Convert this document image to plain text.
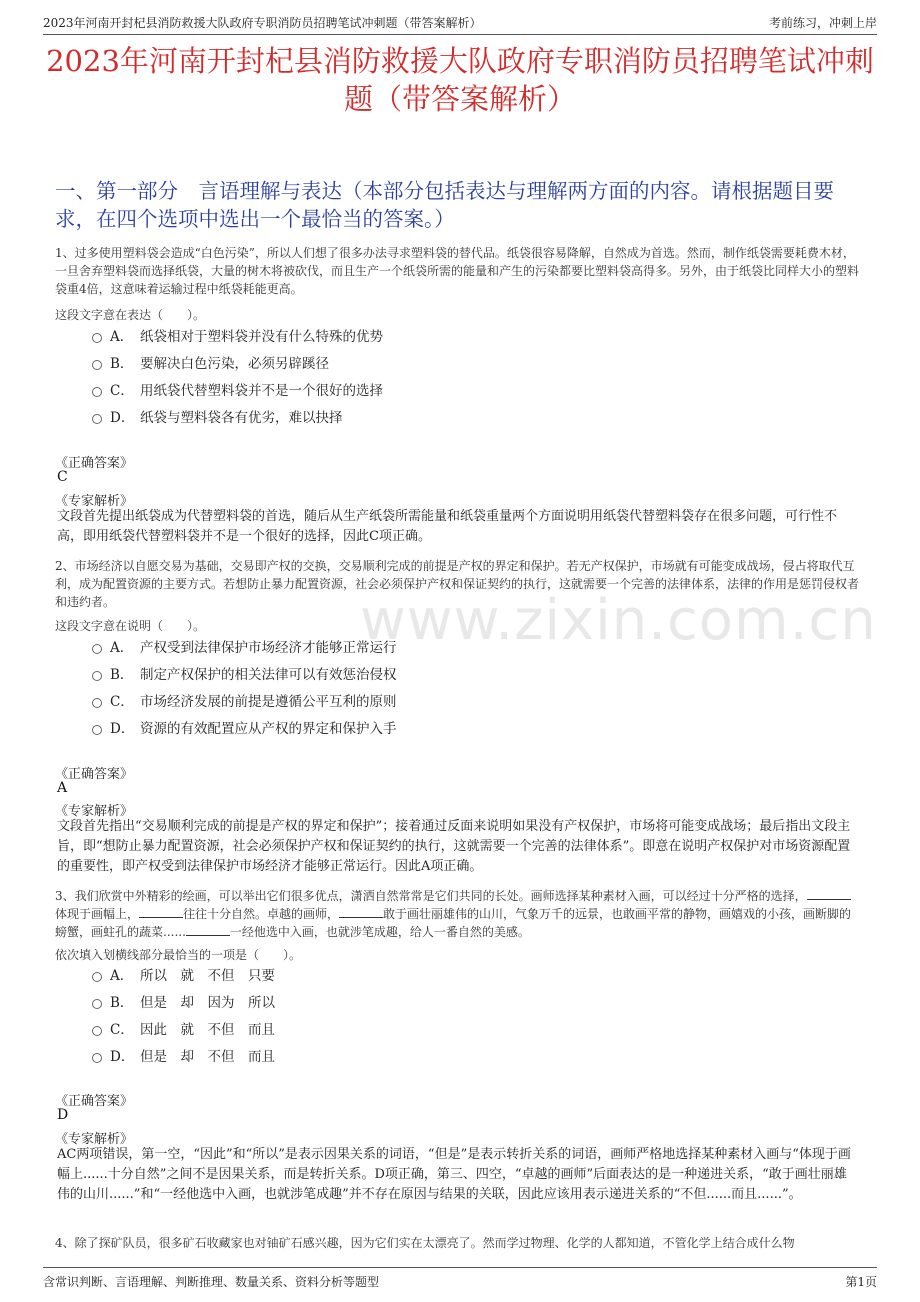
2023年河南开封杞县消防救援大队政府专职消防员招聘笔试冲刺题（带答案解析）	考前练习，冲刺上岸
www.zixin.com.cn
2023年河南开封杞县消防救援大队政府专职消防员招聘笔试冲刺题（带答案解析）
一、第一部分　言语理解与表达（本部分包括表达与理解两方面的内容。请根据题目要求，在四个选项中选出一个最恰当的答案。）
1、过多使用塑料袋会造成“白色污染”，所以人们想了很多办法寻求塑料袋的替代品。纸袋很容易降解，自然成为首选。然而，制作纸袋需要耗费木材，一旦舍弃塑料袋而选择纸袋，大量的树木将被砍伐，而且生产一个纸袋所需的能量和产生的污染都要比塑料袋高得多。另外，由于纸袋比同样大小的塑料袋重4倍，这意味着运输过程中纸袋耗能更高。
这段文字意在表达（　　）。
A． 纸袋相对于塑料袋并没有什么特殊的优势
B． 要解决白色污染，必须另辟蹊径
C． 用纸袋代替塑料袋并不是一个很好的选择
D． 纸袋与塑料袋各有优劣，难以抉择
《正确答案》
C
《专家解析》
文段首先提出纸袋成为代替塑料袋的首选，随后从生产纸袋所需能量和纸袋重量两个方面说明用纸袋代替塑料袋存在很多问题，可行性不高，即用纸袋代替塑料袋并不是一个很好的选择，因此C项正确。
2、市场经济以自愿交易为基础，交易即产权的交换，交易顺利完成的前提是产权的界定和保护。若无产权保护，市场就有可能变成战场，侵占将取代互利，成为配置资源的主要方式。若想防止暴力配置资源，社会必须保护产权和保证契约的执行，这就需要一个完善的法律体系，法律的作用是惩罚侵权者和违约者。
这段文字意在说明（　　）。
A． 产权受到法律保护市场经济才能够正常运行
B． 制定产权保护的相关法律可以有效惩治侵权
C． 市场经济发展的前提是遵循公平互利的原则
D． 资源的有效配置应从产权的界定和保护入手
《正确答案》
A
《专家解析》
文段首先指出“交易顺利完成的前提是产权的界定和保护”；接着通过反面来说明如果没有产权保护，市场将可能变成战场；最后指出文段主旨，即“想防止暴力配置资源，社会必须保护产权和保证契约的执行，这就需要一个完善的法律体系”。即意在说明产权保护对市场资源配置的重要性，即产权受到法律保护市场经济才能够正常运行。因此A项正确。
3、我们欣赏中外精彩的绘画，可以举出它们很多优点，潇洒自然常常是它们共同的长处。画师选择某种素材入画，可以经过十分严格的选择，体现于画幅上，	往往十分自然。卓越的画师，	敢于画壮丽雄伟的山川，气象万千的远景，也敢画平常的静物，画嬉戏的小孩，画断脚的螃蟹，画蛀孔的蔬菜......	一经他选中入画，也就涉笔成趣，给人一番自然的美感。
依次填入划横线部分最恰当的一项是（　　）。
A． 所以　就　不但　只要
B． 但是　却　因为　所以
C． 因此　就　不但　而且
D． 但是　却　不但　而且
《正确答案》
D
《专家解析》
AC两项错误，第一空，“因此”和“所以”是表示因果关系的词语，“但是”是表示转折关系的词语，画师严格地选择某种素材入画与“体现于画幅上......十分自然”之间不是因果关系，而是转折关系。D项正确，第三、四空，“卓越的画师”后面表达的是一种递进关系，“敢于画壮丽雄伟的山川......”和“一经他选中入画，也就涉笔成趣”并不存在原因与结果的关联，因此应该用表示递进关系的“不但......而且......”。
4、除了探矿队员，很多矿石收藏家也对铀矿石感兴趣，因为它们实在太漂亮了。然而学过物理、化学的人都知道，不管化学上结合成什么物
含常识判断、言语理解、判断推理、数量关系、资料分析等题型	第1页
